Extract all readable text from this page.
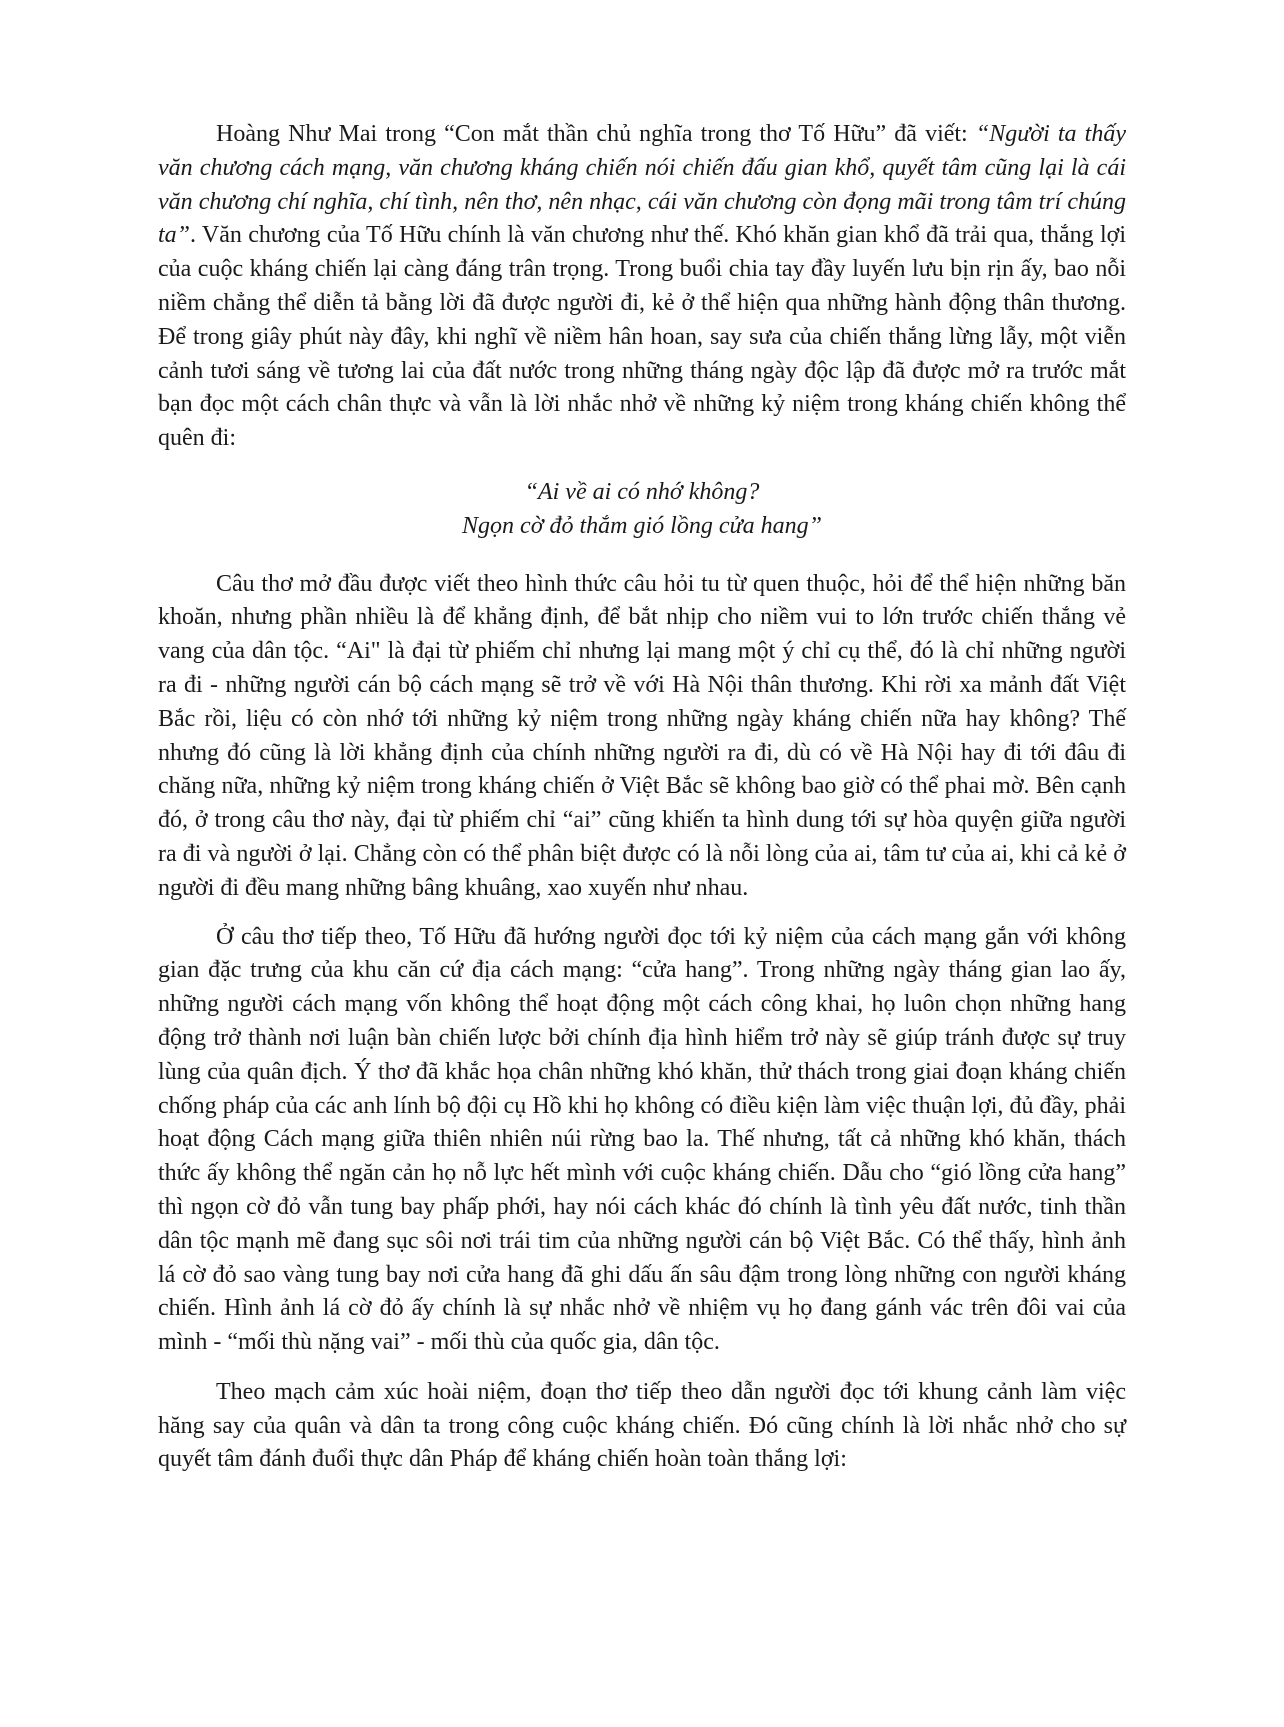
Hoàng Như Mai trong “Con mắt thần chủ nghĩa trong thơ Tố Hữu” đã viết: “Người ta thấy văn chương cách mạng, văn chương kháng chiến nói chiến đấu gian khổ, quyết tâm cũng lại là cái văn chương chí nghĩa, chí tình, nên thơ, nên nhạc, cái văn chương còn đọng mãi trong tâm trí chúng ta”. Văn chương của Tố Hữu chính là văn chương như thế. Khó khăn gian khổ đã trải qua, thắng lợi của cuộc kháng chiến lại càng đáng trân trọng. Trong buổi chia tay đầy luyến lưu bịn rịn ấy, bao nỗi niềm chẳng thể diễn tả bằng lời đã được người đi, kẻ ở thể hiện qua những hành động thân thương. Để trong giây phút này đây, khi nghĩ về niềm hân hoan, say sưa của chiến thắng lừng lẫy, một viễn cảnh tươi sáng về tương lai của đất nước trong những tháng ngày độc lập đã được mở ra trước mắt bạn đọc một cách chân thực và vẫn là lời nhắc nhở về những kỷ niệm trong kháng chiến không thể quên đi:

“Ai về ai có nhớ không?
Ngọn cờ đỏ thắm gió lồng cửa hang”

Câu thơ mở đầu được viết theo hình thức câu hỏi tu từ quen thuộc, hỏi để thể hiện những băn khoăn, nhưng phần nhiều là để khẳng định, để bắt nhịp cho niềm vui to lớn trước chiến thắng vẻ vang của dân tộc. “Ai" là đại từ phiếm chỉ nhưng lại mang một ý chỉ cụ thể, đó là chỉ những người ra đi - những người cán bộ cách mạng sẽ trở về với Hà Nội thân thương. Khi rời xa mảnh đất Việt Bắc rồi, liệu có còn nhớ tới những kỷ niệm trong những ngày kháng chiến nữa hay không? Thế nhưng đó cũng là lời khẳng định của chính những người ra đi, dù có về Hà Nội hay đi tới đâu đi chăng nữa, những kỷ niệm trong kháng chiến ở Việt Bắc sẽ không bao giờ có thể phai mờ. Bên cạnh đó, ở trong câu thơ này, đại từ phiếm chỉ “ai” cũng khiến ta hình dung tới sự hòa quyện giữa người ra đi và người ở lại. Chẳng còn có thể phân biệt được có là nỗi lòng của ai, tâm tư của ai, khi cả kẻ ở người đi đều mang những bâng khuâng, xao xuyến như nhau.

Ở câu thơ tiếp theo, Tố Hữu đã hướng người đọc tới kỷ niệm của cách mạng gắn với không gian đặc trưng của khu căn cứ địa cách mạng: “cửa hang”. Trong những ngày tháng gian lao ấy, những người cách mạng vốn không thể hoạt động một cách công khai, họ luôn chọn những hang động trở thành nơi luận bàn chiến lược bởi chính địa hình hiểm trở này sẽ giúp tránh được sự truy lùng của quân địch. Ý thơ đã khắc họa chân những khó khăn, thử thách trong giai đoạn kháng chiến chống pháp của các anh lính bộ đội cụ Hồ khi họ không có điều kiện làm việc thuận lợi, đủ đầy, phải hoạt động Cách mạng giữa thiên nhiên núi rừng bao la. Thế nhưng, tất cả những khó khăn, thách thức ấy không thể ngăn cản họ nỗ lực hết mình với cuộc kháng chiến. Dẫu cho “gió lồng cửa hang” thì ngọn cờ đỏ vẫn tung bay phấp phới, hay nói cách khác đó chính là tình yêu đất nước, tinh thần dân tộc mạnh mẽ đang sục sôi nơi trái tim của những người cán bộ Việt Bắc. Có thể thấy, hình ảnh lá cờ đỏ sao vàng tung bay nơi cửa hang đã ghi dấu ấn sâu đậm trong lòng những con người kháng chiến. Hình ảnh lá cờ đỏ ấy chính là sự nhắc nhở về nhiệm vụ họ đang gánh vác trên đôi vai của mình - “mối thù nặng vai” - mối thù của quốc gia, dân tộc.

Theo mạch cảm xúc hoài niệm, đoạn thơ tiếp theo dẫn người đọc tới khung cảnh làm việc hăng say của quân và dân ta trong công cuộc kháng chiến. Đó cũng chính là lời nhắc nhở cho sự quyết tâm đánh đuổi thực dân Pháp để kháng chiến hoàn toàn thắng lợi:
